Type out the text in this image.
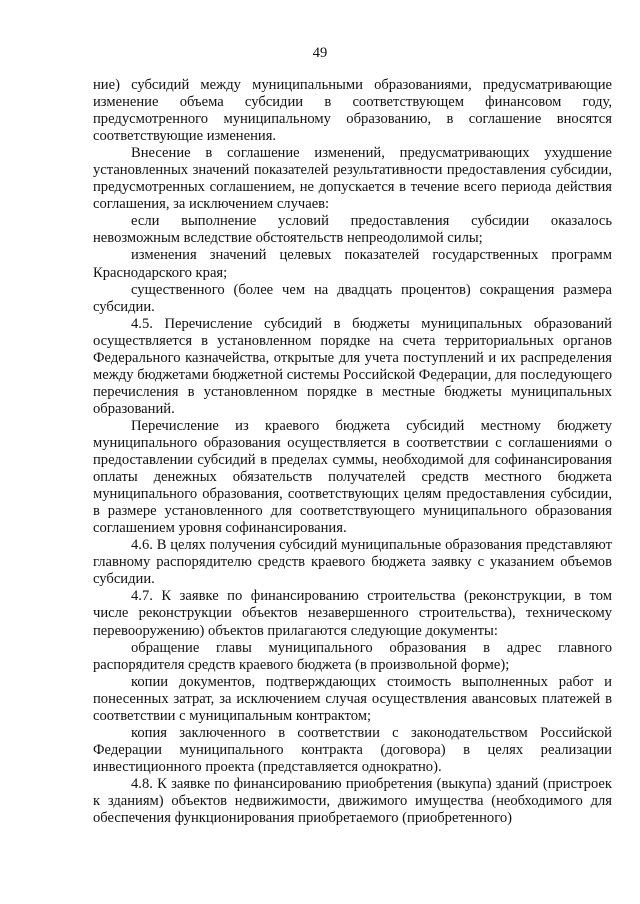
49

ние) субсидий между муниципальными образованиями, предусматривающие изменение объема субсидии в соответствующем финансовом году, предусмотренного муниципальному образованию, в соглашение вносятся соответствующие изменения.

Внесение в соглашение изменений, предусматривающих ухудшение установленных значений показателей результативности предоставления субсидии, предусмотренных соглашением, не допускается в течение всего периода действия соглашения, за исключением случаев:

если выполнение условий предоставления субсидии оказалось невозможным вследствие обстоятельств непреодолимой силы;

изменения значений целевых показателей государственных программ Краснодарского края;

существенного (более чем на двадцать процентов) сокращения размера субсидии.

4.5. Перечисление субсидий в бюджеты муниципальных образований осуществляется в установленном порядке на счета территориальных органов Федерального казначейства, открытые для учета поступлений и их распределения между бюджетами бюджетной системы Российской Федерации, для последующего перечисления в установленном порядке в местные бюджеты муниципальных образований.

Перечисление из краевого бюджета субсидий местному бюджету муниципального образования осуществляется в соответствии с соглашениями о предоставлении субсидий в пределах суммы, необходимой для софинансирования оплаты денежных обязательств получателей средств местного бюджета муниципального образования, соответствующих целям предоставления субсидии, в размере установленного для соответствующего муниципального образования соглашением уровня софинансирования.

4.6. В целях получения субсидий муниципальные образования представляют главному распорядителю средств краевого бюджета заявку с указанием объемов субсидии.

4.7. К заявке по финансированию строительства (реконструкции, в том числе реконструкции объектов незавершенного строительства), техническому перевооружению) объектов прилагаются следующие документы:

обращение главы муниципального образования в адрес главного распорядителя средств краевого бюджета (в произвольной форме);

копии документов, подтверждающих стоимость выполненных работ и понесенных затрат, за исключением случая осуществления авансовых платежей в соответствии с муниципальным контрактом;

копия заключенного в соответствии с законодательством Российской Федерации муниципального контракта (договора) в целях реализации инвестиционного проекта (представляется однократно).

4.8. К заявке по финансированию приобретения (выкупа) зданий (пристроек к зданиям) объектов недвижимости, движимого имущества (необходимого для обеспечения функционирования приобретаемого (приобретенного)
